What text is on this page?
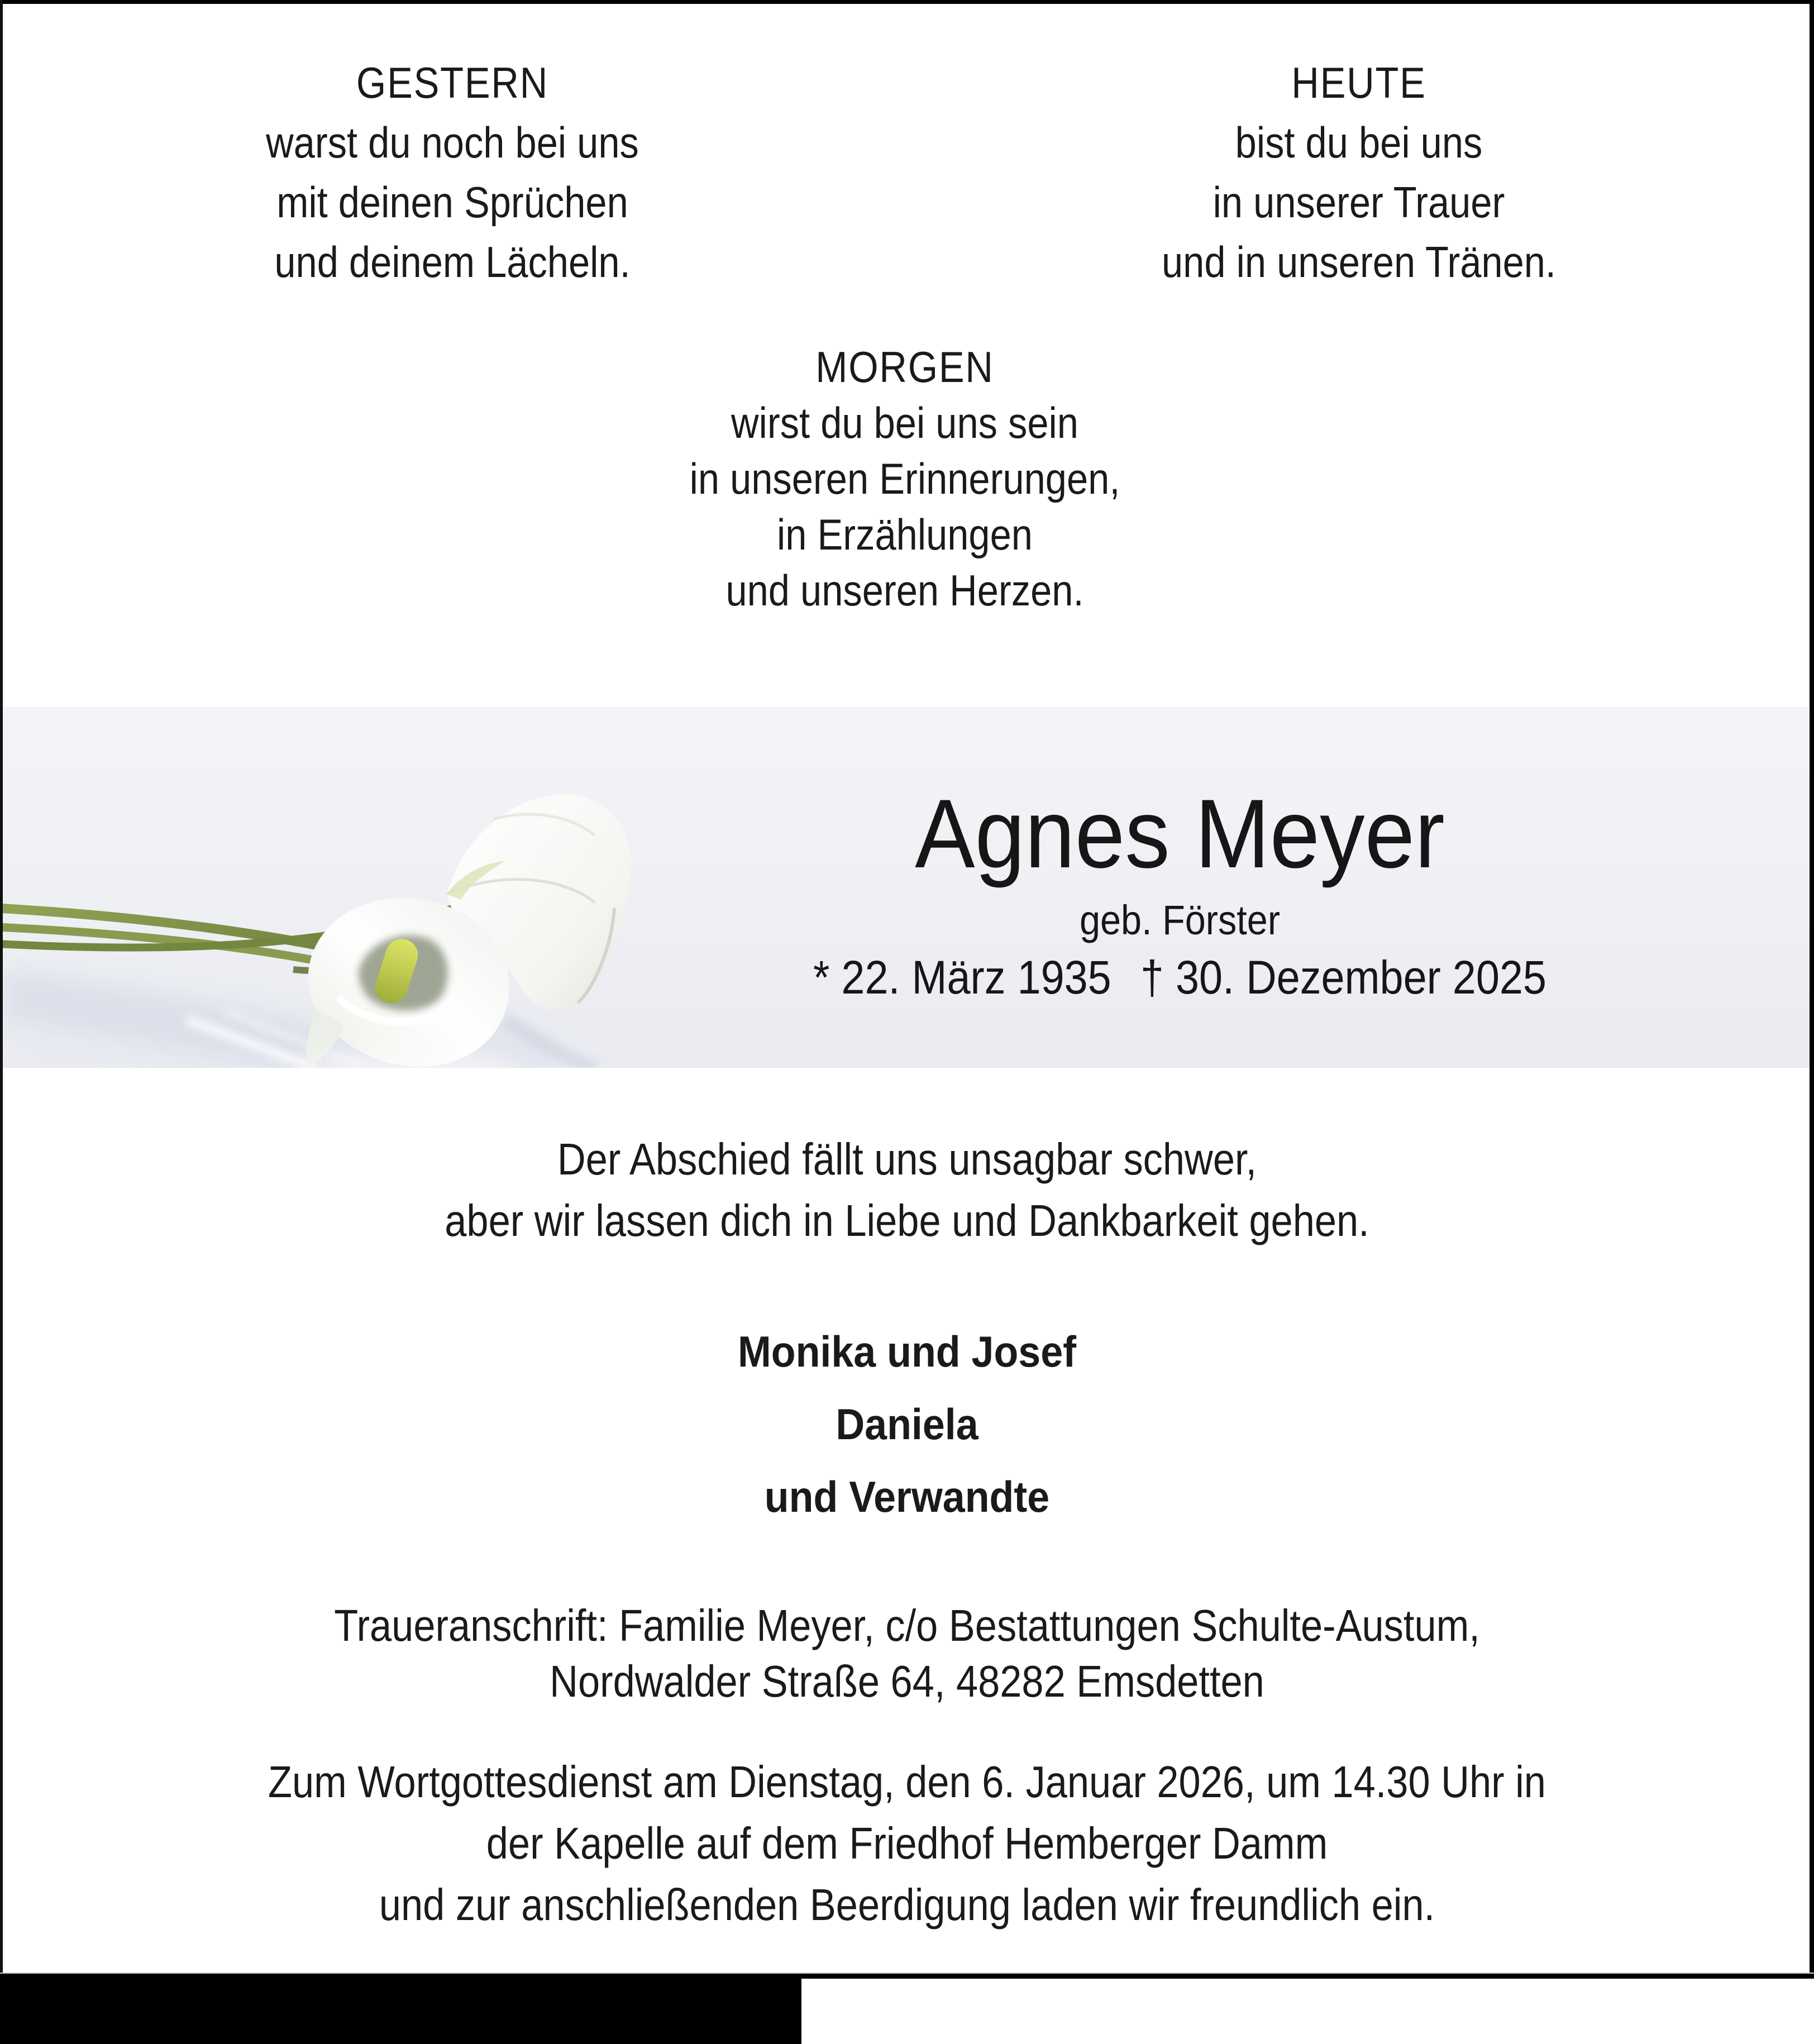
GESTERN
warst du noch bei uns
mit deinen Sprüchen
und deinem Lächeln.
HEUTE
bist du bei uns
in unserer Trauer
und in unseren Tränen.
MORGEN
wirst du bei uns sein
in unseren Erinnerungen,
in Erzählungen
und unseren Herzen.
Agnes Meyer
geb. Förster
* 22. März 1935 † 30. Dezember 2025
Der Abschied fällt uns unsagbar schwer,
aber wir lassen dich in Liebe und Dankbarkeit gehen.
Monika und Josef
Daniela
und Verwandte
Traueranschrift: Familie Meyer, c/o Bestattungen Schulte-Austum,
Nordwalder Straße 64, 48282 Emsdetten
Zum Wortgottesdienst am Dienstag, den 6. Januar 2026, um 14.30 Uhr in
der Kapelle auf dem Friedhof Hemberger Damm
und zur anschließenden Beerdigung laden wir freundlich ein.
